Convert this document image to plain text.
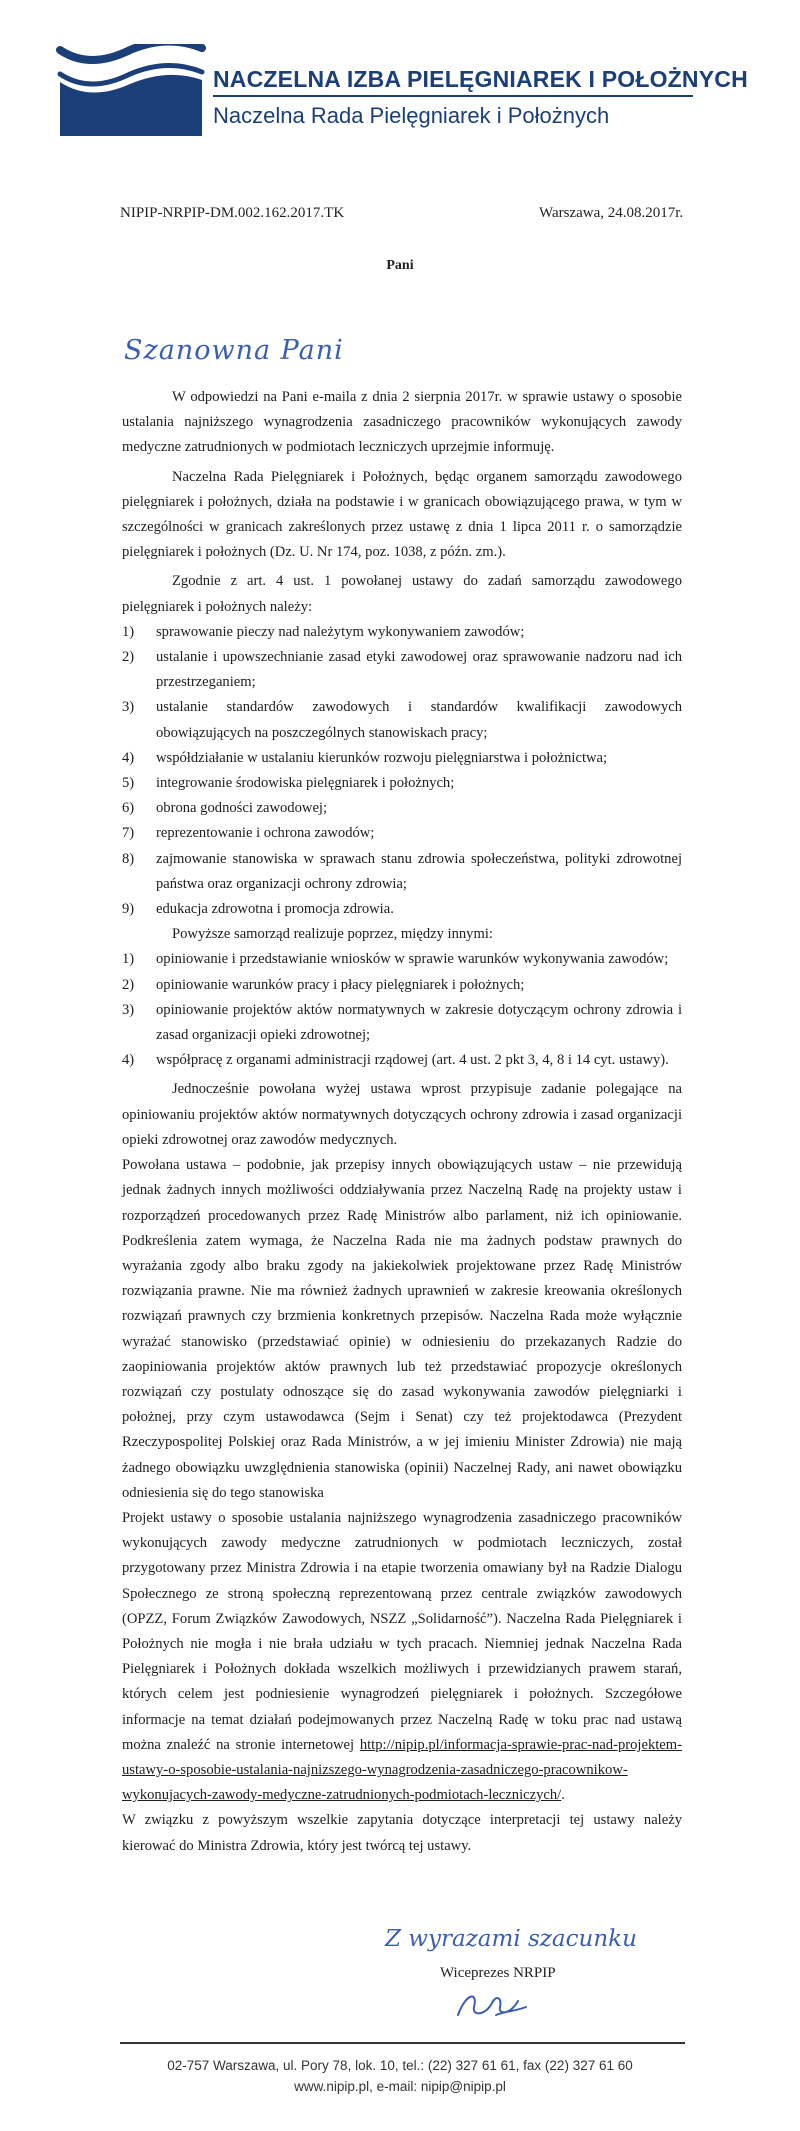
NACZELNA IZBA PIELĘGNIAREK I POŁOŻNYCH
Naczelna Rada Pielęgniarek i Położnych
NIPIP-NRPIP-DM.002.162.2017.TK	Warszawa, 24.08.2017r.
Pani
Szanowna Pani

W odpowiedzi na Pani e-maila z dnia 2 sierpnia 2017r. w sprawie ustawy o sposobie ustalania najniższego wynagrodzenia zasadniczego pracowników wykonujących zawody medyczne zatrudnionych w podmiotach leczniczych uprzejmie informuję.

Naczelna Rada Pielęgniarek i Położnych, będąc organem samorządu zawodowego pielęgniarek i położnych, działa na podstawie i w granicach obowiązującego prawa, w tym w szczególności w granicach zakreślonych przez ustawę z dnia 1 lipca 2011 r. o samorządzie pielęgniarek i położnych (Dz. U. Nr 174, poz. 1038, z późn. zm.).

Zgodnie z art. 4 ust. 1 powołanej ustawy do zadań samorządu zawodowego pielęgniarek i położnych należy:

1) sprawowanie pieczy nad należytym wykonywaniem zawodów;
2) ustalanie i upowszechnianie zasad etyki zawodowej oraz sprawowanie nadzoru nad ich przestrzeganiem;
3) ustalanie standardów zawodowych i standardów kwalifikacji zawodowych obowiązujących na poszczególnych stanowiskach pracy;
4) współdziałanie w ustalaniu kierunków rozwoju pielęgniarstwa i położnictwa;
5) integrowanie środowiska pielęgniarek i położnych;
6) obrona godności zawodowej;
7) reprezentowanie i ochrona zawodów;
8) zajmowanie stanowiska w sprawach stanu zdrowia społeczeństwa, polityki zdrowotnej państwa oraz organizacji ochrony zdrowia;
9) edukacja zdrowotna i promocja zdrowia.

Powyższe samorząd realizuje poprzez, między innymi:

1) opiniowanie i przedstawianie wniosków w sprawie warunków wykonywania zawodów;
2) opiniowanie warunków pracy i płacy pielęgniarek i położnych;
3) opiniowanie projektów aktów normatywnych w zakresie dotyczącym ochrony zdrowia i zasad organizacji opieki zdrowotnej;
4) współpracę z organami administracji rządowej (art. 4 ust. 2 pkt 3, 4, 8 i 14 cyt. ustawy).

Jednocześnie powołana wyżej ustawa wprost przypisuje zadanie polegające na opiniowaniu projektów aktów normatywnych dotyczących ochrony zdrowia i zasad organizacji opieki zdrowotnej oraz zawodów medycznych.

Powołana ustawa – podobnie, jak przepisy innych obowiązujących ustaw – nie przewidują jednak żadnych innych możliwości oddziaływania przez Naczelną Radę na projekty ustaw i rozporządzeń procedowanych przez Radę Ministrów albo parlament, niż ich opiniowanie. Podkreślenia zatem wymaga, że Naczelna Rada nie ma żadnych podstaw prawnych do wyrażania zgody albo braku zgody na jakiekolwiek projektowane przez Radę Ministrów rozwiązania prawne. Nie ma również żadnych uprawnień w zakresie kreowania określonych rozwiązań prawnych czy brzmienia konkretnych przepisów. Naczelna Rada może wyłącznie wyrażać stanowisko (przedstawiać opinie) w odniesieniu do przekazanych Radzie do zaopiniowania projektów aktów prawnych lub też przedstawiać propozycje określonych rozwiązań czy postulaty odnoszące się do zasad wykonywania zawodów pielęgniarki i położnej, przy czym ustawodawca (Sejm i Senat) czy też projektodawca (Prezydent Rzeczypospolitej Polskiej oraz Rada Ministrów, a w jej imieniu Minister Zdrowia) nie mają żadnego obowiązku uwzględnienia stanowiska (opinii) Naczelnej Rady, ani nawet obowiązku odniesienia się do tego stanowiska

Projekt ustawy o sposobie ustalania najniższego wynagrodzenia zasadniczego pracowników wykonujących zawody medyczne zatrudnionych w podmiotach leczniczych, został przygotowany przez Ministra Zdrowia i na etapie tworzenia omawiany był na Radzie Dialogu Społecznego ze stroną społeczną reprezentowaną przez centrale związków zawodowych (OPZZ, Forum Związków Zawodowych, NSZZ „Solidarność”). Naczelna Rada Pielęgniarek i Położnych nie mogła i nie brała udziału w tych pracach. Niemniej jednak Naczelna Rada Pielęgniarek i Położnych dokłada wszelkich możliwych i przewidzianych prawem starań, których celem jest podniesienie wynagrodzeń pielęgniarek i położnych. Szczegółowe informacje na temat działań podejmowanych przez Naczelną Radę w toku prac nad ustawą można znaleźć na stronie internetowej http://nipip.pl/informacja-sprawie-prac-nad-projektem-ustawy-o-sposobie-ustalania-najnizszego-wynagrodzenia-zasadniczego-pracownikow-wykonujacych-zawody-medyczne-zatrudnionych-podmiotach-leczniczych/.

W związku z powyższym wszelkie zapytania dotyczące interpretacji tej ustawy należy kierować do Ministra Zdrowia, który jest twórcą tej ustawy.

Z wyrazami szacunku
Wiceprezes NRPIP
02-757 Warszawa, ul. Pory 78, lok. 10, tel.: (22) 327 61 61, fax (22) 327 61 60
www.nipip.pl, e-mail: nipip@nipip.pl
